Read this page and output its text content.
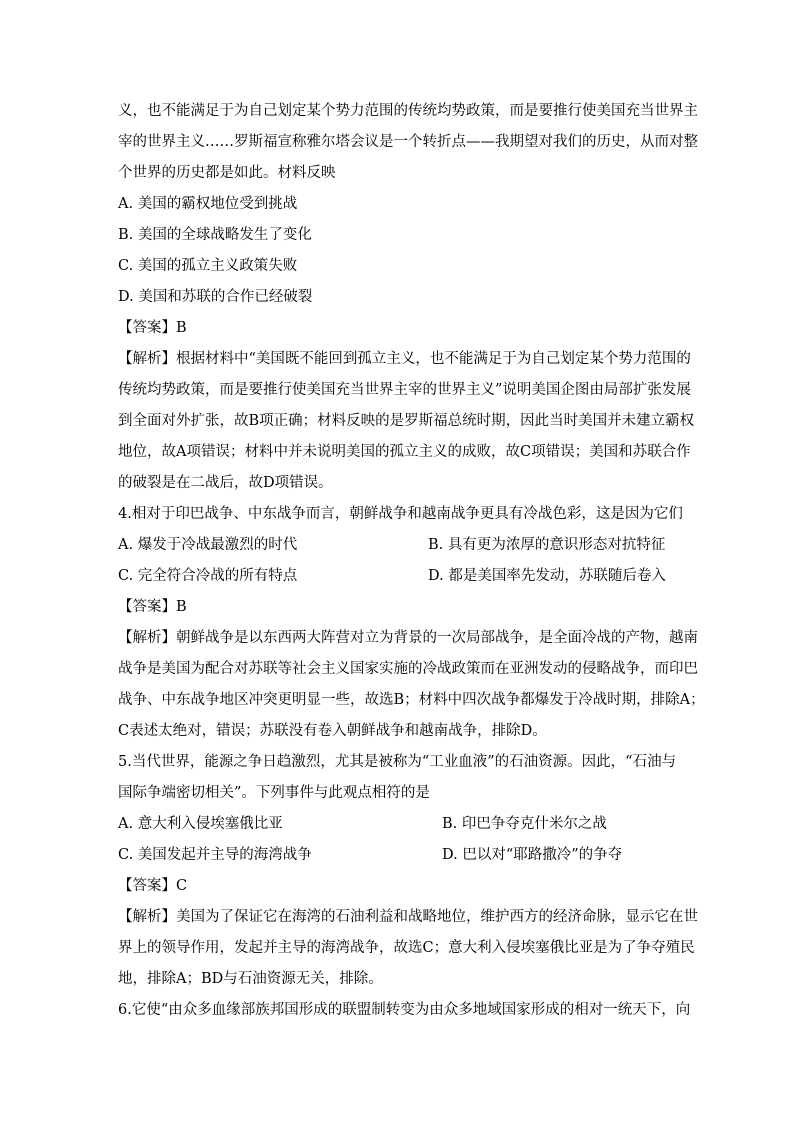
义，也不能满足于为自己划定某个势力范围的传统均势政策，而是要推行使美国充当世界主

宰的世界主义……罗斯福宣称雅尔塔会议是一个转折点——我期望对我们的历史，从而对整

个世界的历史都是如此。材料反映

A. 美国的霸权地位受到挑战

B. 美国的全球战略发生了变化

C. 美国的孤立主义政策失败

D. 美国和苏联的合作已经破裂

【答案】B

【解析】根据材料中“美国既不能回到孤立主义，也不能满足于为自己划定某个势力范围的

传统均势政策，而是要推行使美国充当世界主宰的世界主义”说明美国企图由局部扩张发展

到全面对外扩张，故B项正确；材料反映的是罗斯福总统时期，因此当时美国并未建立霸权

地位，故A项错误；材料中并未说明美国的孤立主义的成败，故C项错误；美国和苏联合作

的破裂是在二战后，故D项错误。

4.相对于印巴战争、中东战争而言，朝鲜战争和越南战争更具有冷战色彩，这是因为它们

A. 爆发于冷战最激烈的时代	B. 具有更为浓厚的意识形态对抗特征
C. 完全符合冷战的所有特点	D. 都是美国率先发动，苏联随后卷入

【答案】B

【解析】朝鲜战争是以东西两大阵营对立为背景的一次局部战争，是全面冷战的产物，越南

战争是美国为配合对苏联等社会主义国家实施的冷战政策而在亚洲发动的侵略战争，而印巴

战争、中东战争地区冲突更明显一些，故选B；材料中四次战争都爆发于冷战时期，排除A；

C表述太绝对，错误；苏联没有卷入朝鲜战争和越南战争，排除D。

5.当代世界，能源之争日趋激烈，尤其是被称为“工业血液”的石油资源。因此，“石油与

国际争端密切相关”。下列事件与此观点相符的是

A. 意大利入侵埃塞俄比亚	B. 印巴争夺克什米尔之战
C. 美国发起并主导的海湾战争	D. 巴以对“耶路撒冷”的争夺

【答案】C

【解析】美国为了保证它在海湾的石油利益和战略地位，维护西方的经济命脉，显示它在世

界上的领导作用，发起并主导的海湾战争，故选C；意大利入侵埃塞俄比亚是为了争夺殖民

地，排除A；BD与石油资源无关，排除。

6.它使“由众多血缘部族邦国形成的联盟制转变为由众多地域国家形成的相对一统天下，向
